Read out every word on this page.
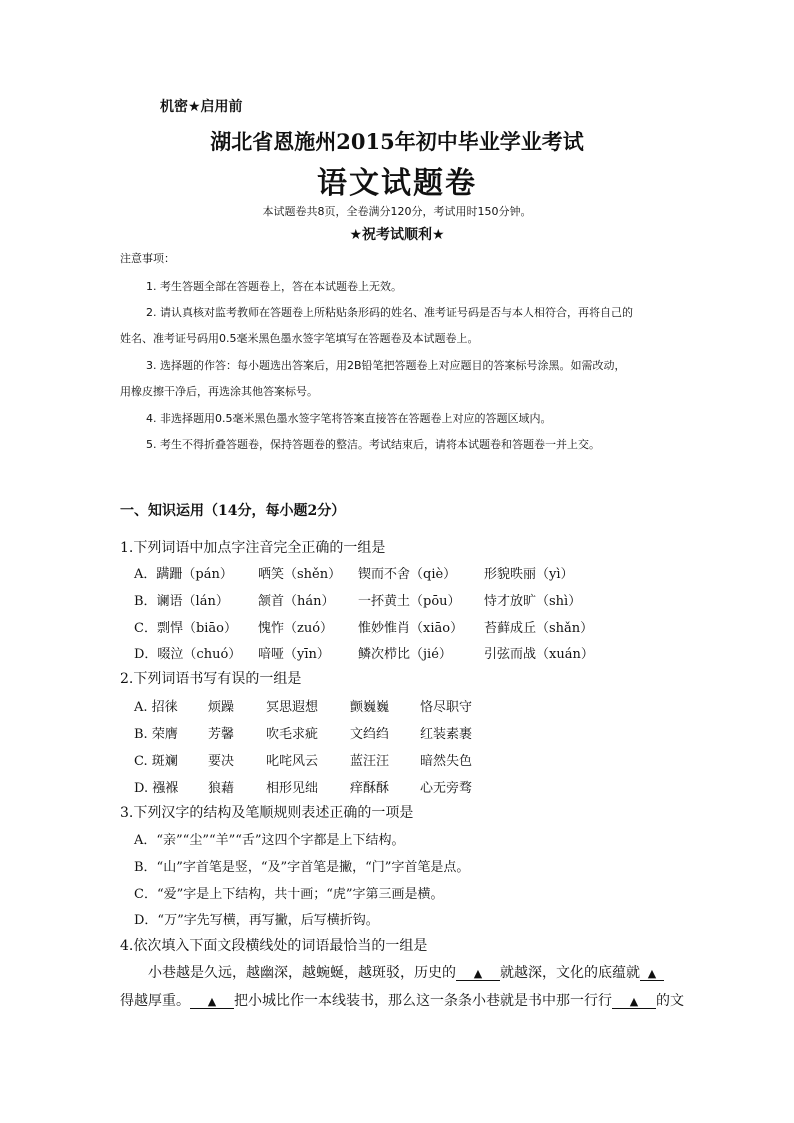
机密★启用前
湖北省恩施州2015年初中毕业学业考试
语文试题卷
本试题卷共8页，全卷满分120分，考试用时150分钟。
★祝考试顺利★
注意事项：
1. 考生答题全部在答题卷上，答在本试题卷上无效。
2. 请认真核对监考教师在答题卷上所粘贴条形码的姓名、准考证号码是否与本人相符合，再将自己的
姓名、准考证号码用0.5毫米黑色墨水签字笔填写在答题卷及本试题卷上。
3. 选择题的作答：每小题选出答案后，用2B铅笔把答题卷上对应题目的答案标号涂黑。如需改动，
用橡皮擦干净后，再选涂其他答案标号。
4. 非选择题用0.5毫米黑色墨水签字笔将答案直接答在答题卷上对应的答题区域内。
5. 考生不得折叠答题卷，保持答题卷的整洁。考试结束后，请将本试题卷和答题卷一并上交。
一、知识运用（14分，每小题2分）
1.下列词语中加点字注音完全正确的一组是
A．蹒跚（pán） 哂笑（shěn） 锲而不舍（qiè） 形貌昳丽（yì）
B．谰语（lán） 颔首（hán） 一抔黄土（pōu） 恃才放旷（shì）
C．剽悍（biāo） 愧怍（zuó） 惟妙惟肖（xiāo） 苔藓成丘（shǎn）
D．啜泣（chuó） 喑哑（yīn） 鳞次栉比（jié） 引弦而战（xuán）
2.下列词语书写有误的一组是
A. 招徕 烦躁 冥思遐想 颤巍巍 恪尽职守
B. 荣膺 芳馨 吹毛求疵 文绉绉 红装素裹
C. 斑斓 要决 叱咤风云 蓝汪汪 暗然失色
D. 襁褓 狼藉 相形见绌 痒酥酥 心无旁骛
3.下列汉字的结构及笔顺规则表述正确的一项是
A．“亲”“尘”“羊”“舌”这四个字都是上下结构。
B．“山”字首笔是竖，“及”字首笔是撇，“门”字首笔是点。
C．“爱”字是上下结构，共十画；“虎”字第三画是横。
D．“万”字先写横，再写撇，后写横折钩。
4.依次填入下面文段横线处的词语最恰当的一组是
小巷越是久远，越幽深，越蜿蜒，越斑驳，历史的 ▲ 就越深，文化的底蕴就 ▲
得越厚重。 ▲ 把小城比作一本线装书，那么这一条条小巷就是书中那一行行 ▲ 的文
